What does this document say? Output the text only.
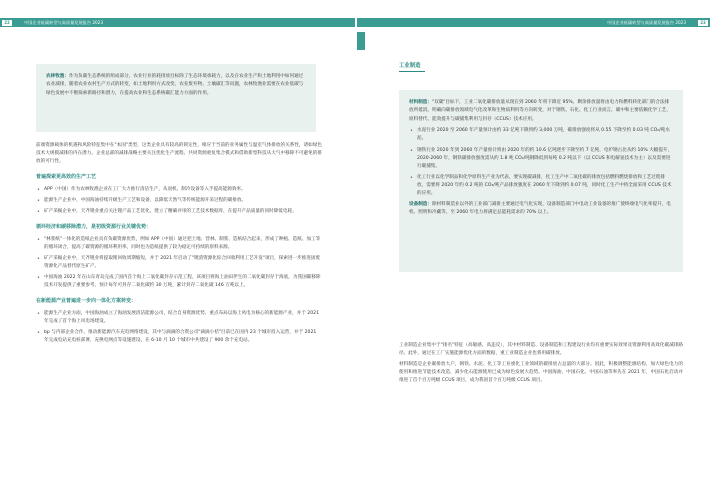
22	中国企业低碳转型与高质量发展报告 2023	中国企业低碳转型与高质量发展报告 2023	23

农林牧渔：作为负碳生态系统的组成部分，农业行业的耗排放目标除了生态环境承载力，以及在农业生产和土地利用中如何通过农业减排，随着农业农村生产方式的转变，如土地利用方式改变、农业废弃物、土壤碳汇等问题，农林牧渔业需要在农业低碳与绿色发展中不断探索新路径和潜力，在提高农业和生态系统碳汇能力方面的作用。

前端资源载体的机遇和风险特征集中在"本国"类型，这类企业具有较高的锁定性，相应于当前的业务属性与温室气体排放的关系性，诸如绿色技术大规模减排的内在潜力。企业总部的减排战略主要关注优化生产流程、共同资源重复集合模式和借助新型科技从大气中移除不可避免的排放的可行性。

普遍探索更高效的生产工艺
• APP（中国）作为农林牧渔企业在工厂大力推行清洁生产，从而机、制冷设备等入手提高能源效率。
• 能源生产企业中，中国海油持续升级生产工艺和设备，以降低天然气等传统能源开采过程的碳排放。
• 矿产采掘企业中，天齐锂业重点关注锂产品工艺优化，建立了精确评审的工艺技术数据库，在提升产品质量的同时降低电耗。
循环经济和碳移除潜力，是初级资源行业关键优势：
• "林浆纸"一体化的造纸企业具有负碳资源优势，例如 APP（中国）通过把土地、营林、制浆、造纸结合起来，形成了种植、造纸、加工等的循环闭合，提高了碳资源的循环利用率，同时也为造纸提供了较为稳定可持续的原料来源。
• 矿产采掘企业中，天齐锂业将提取锂回收周期缩短，并于 2021 年启动了"锂渣资源化综合回收利用工艺开发"项目，探索进一步推进固废资源化产品替代原生矿产。
• 中国海油 2022 年在山东青岛完成了国内首个海上二氧化碳封存示范工程，该项目将海上油田伴生的二氧化碳封存于海底，为我国碳移除技术开发提供了重要参考，预计每年可封存二氧化碳约 30 万吨，累计封存二氧化碳 146 万吨以上。
在新能源产业普遍进一步向一体化方案转变：
• 能源生产企业方面，中国海油成立了海油发展清洁能源公司，结合自身资源优势，重点布局以海上风电为核心的新能源产业，并于 2021 年完成了首个海上风电场建设。
• bp 与内部企业合作，推动新能源汽车充电网络建设，其中与滴滴的合资公司"滴滴小桔"目前已在国内 23 个城市投入运营，并于 2021 年完成电站充电桩部署，充换电网点等设施建设，在 6-10 月 10 个城市中共建设了 900 余个充电站。
工业制造

材料制造："双碳"目标下，工业二氧化碳排放量从现在到 2060 年将下降近 95%，剩余排放量将由电力和燃料转化部门的合法排放所抵消。明确向碳排放领域电气化改革和生物质利用等方向转变，对于钢铁、石化、化工行业而言，碳中和主要依赖化学工艺、原料替代、能效提升与碳捕集利用与封存（CCUS）技术应用。

• 水泥行业 2020 至 2060 年产量预计由约 33 亿吨下降到约 3,000 万吨，碳排放强度将从 0.55 下降至约 0.03 吨 CO₂/吨水泥。
• 钢铁行业 2020 年到 2060 年产量预计将由 2020 年的约 10.6 亿吨逐步下降至约 7 亿吨，电炉钢占比从约 10% 大幅提升，2020-2060 年，钢铁碳排放强度需从约 1.8 吨 CO₂/吨钢降低到每吨 0.2 吨以下（以 CCUS 和电解氢技术为主）以及需要进行碳捕集。
• 化工行业以化学制品和化学原料生产业为代表，要实现碳减排，化工生产中二氧化碳的排放包括燃料燃烧排放和工艺过程排放，需要将 2020 年约 0.2 吨的 CO₂/吨产品排放强度在 2060 年下降到约 0.07 吨，同时化工生产中将全面采用 CCUS 技术的应用。

设备制造：除材料制造业以外的工业部门减排主要通过电气化实现，设备制造部门中电动工业设备的推广使终端电气化率提升，电机、照明和冷藏等，至 2060 年电力将满足总能耗需求的 70% 以上。

工业制造企业集中于"排名"特征（高敏感、高违反），其中材料制造、设备制造和工程建设行业均有重要实际效果及资源利用高效化碳减排路径。此外，通过在工厂实施能源优化方面的数据，重工业制造企业也将用碳排放。

材料制造是企业碳排放大户，钢铁、水泥、化工等工业重化工业领域的碳排放占总量的大部分。因此，积极调整能源结构，加大绿色电力的使用和推进节能技术改造，减少化石能源使用已成为绿色发展大趋势。中国海油、中国石化、中国石油等率先在 2021 年，中国石化启动并推进了首个百万吨级 CCUS 项目，成为我国首个百万吨级 CCUS 项目。
